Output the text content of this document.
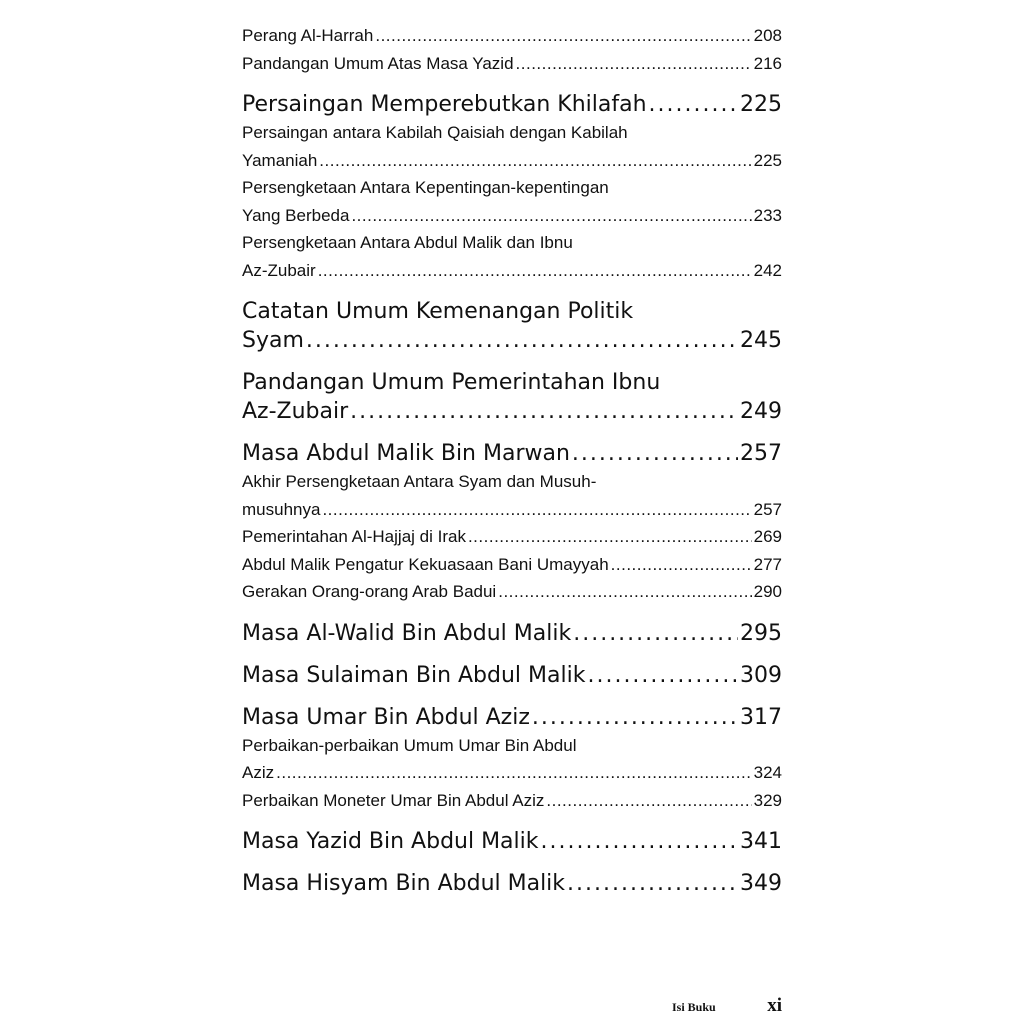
Perang Al-Harrah .....	208
Pandangan Umum Atas Masa Yazid .....	216
Persaingan Memperebutkan Khilafah .....	225
Persaingan antara Kabilah Qaisiah dengan Kabilah
Yamaniah .....	225
Persengketaan Antara Kepentingan-kepentingan
Yang Berbeda .....	233
Persengketaan Antara Abdul Malik dan Ibnu
Az-Zubair .....	242
Catatan Umum Kemenangan Politik
Syam .....	245
Pandangan Umum Pemerintahan Ibnu
Az-Zubair .....	249
Masa Abdul Malik Bin Marwan .....	257
Akhir Persengketaan Antara Syam dan Musuh-
musuhnya .....	257
Pemerintahan Al-Hajjaj di Irak .....	269
Abdul Malik Pengatur Kekuasaan Bani Umayyah .....	277
Gerakan Orang-orang Arab Badui .....	290
Masa Al-Walid Bin Abdul Malik .....	295
Masa Sulaiman Bin Abdul Malik .....	309
Masa Umar Bin Abdul Aziz .....	317
Perbaikan-perbaikan Umum Umar Bin Abdul
Aziz .....	324
Perbaikan Moneter Umar Bin Abdul Aziz .....	329
Masa Yazid Bin Abdul Malik .....	341
Masa Hisyam Bin Abdul Malik .....	349
Isi Buku	xi
